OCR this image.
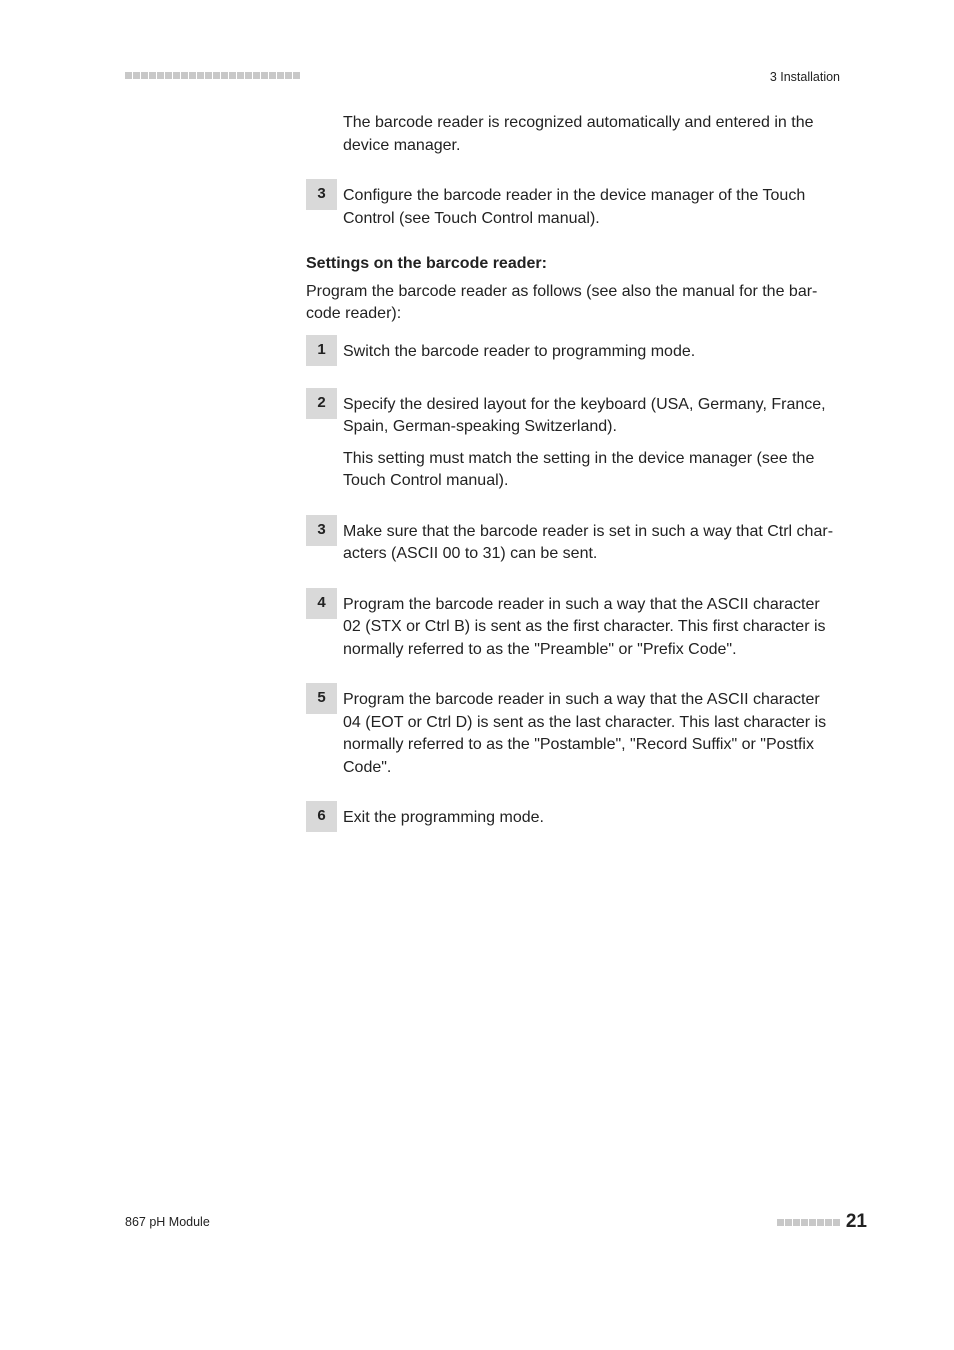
3 Installation
The barcode reader is recognized automatically and entered in the device manager.
3	Configure the barcode reader in the device manager of the Touch Control (see Touch Control manual).
Settings on the barcode reader:
Program the barcode reader as follows (see also the manual for the barcode reader):
1	Switch the barcode reader to programming mode.
2	Specify the desired layout for the keyboard (USA, Germany, France, Spain, German-speaking Switzerland).
This setting must match the setting in the device manager (see the Touch Control manual).
3	Make sure that the barcode reader is set in such a way that Ctrl characters (ASCII 00 to 31) can be sent.
4	Program the barcode reader in such a way that the ASCII character 02 (STX or Ctrl B) is sent as the first character. This first character is normally referred to as the "Preamble" or "Prefix Code".
5	Program the barcode reader in such a way that the ASCII character 04 (EOT or Ctrl D) is sent as the last character. This last character is normally referred to as the "Postamble", "Record Suffix" or "Postfix Code".
6	Exit the programming mode.
867 pH Module	21
